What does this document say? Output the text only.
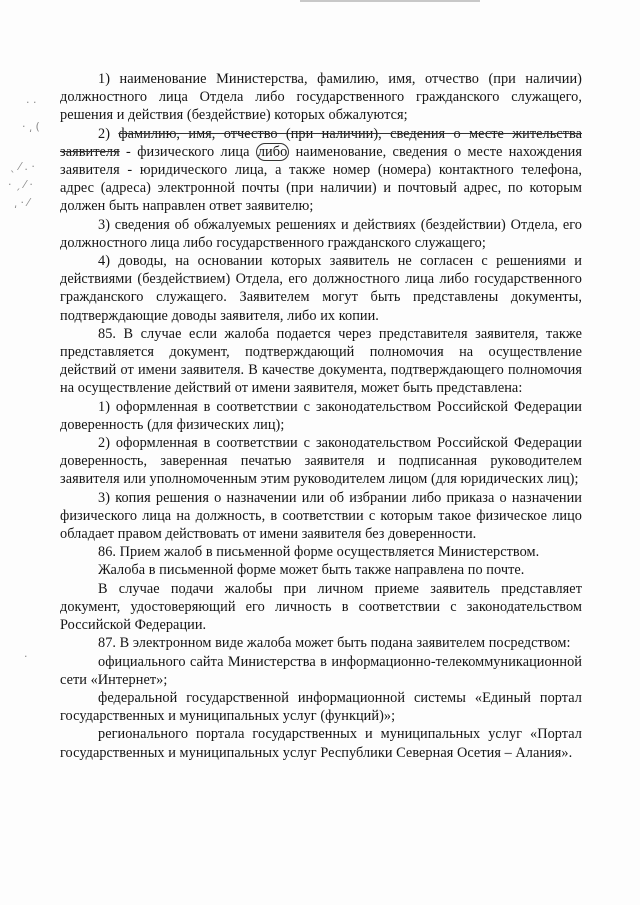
· ·
· ͵ (
ˎ ⁄ . ·
· ˏ ⁄ ·
͵ · ⁄
·

1) наименование Министерства, фамилию, имя, отчество (при наличии) должностного лица Отдела либо государственного гражданского служащего, решения и действия (бездействие) которых обжалуются;

2) фамилию, имя, отчество (при наличии), сведения о месте жительства заявителя - физического лица либо наименование, сведения о месте нахождения заявителя - юридического лица, а также номер (номера) контактного телефона, адрес (адреса) электронной почты (при наличии) и почтовый адрес, по которым должен быть направлен ответ заявителю;

3) сведения об обжалуемых решениях и действиях (бездействии) Отдела, его должностного лица либо государственного гражданского служащего;

4) доводы, на основании которых заявитель не согласен с решениями и действиями (бездействием) Отдела, его должностного лица либо государственного гражданского служащего. Заявителем могут быть представлены документы, подтверждающие доводы заявителя, либо их копии.

85. В случае если жалоба подается через представителя заявителя, также представляется документ, подтверждающий полномочия на осуществление действий от имени заявителя. В качестве документа, подтверждающего полномочия на осуществление действий от имени заявителя, может быть представлена:

1) оформленная в соответствии с законодательством Российской Федерации доверенность (для физических лиц);

2) оформленная в соответствии с законодательством Российской Федерации доверенность, заверенная печатью заявителя и подписанная руководителем заявителя или уполномоченным этим руководителем лицом (для юридических лиц);

3) копия решения о назначении или об избрании либо приказа о назначении физического лица на должность, в соответствии с которым такое физическое лицо обладает правом действовать от имени заявителя без доверенности.

86. Прием жалоб в письменной форме осуществляется Министерством.

Жалоба в письменной форме может быть также направлена по почте.

В случае подачи жалобы при личном приеме заявитель представляет документ, удостоверяющий его личность в соответствии с законодательством Российской Федерации.

87. В электронном виде жалоба может быть подана заявителем посредством:

официального сайта Министерства в информационно-телекоммуникационной сети «Интернет»;

федеральной государственной информационной системы «Единый портал государственных и муниципальных услуг (функций)»;

регионального портала государственных и муниципальных услуг «Портал государственных и муниципальных услуг Республики Северная Осетия – Алания».
